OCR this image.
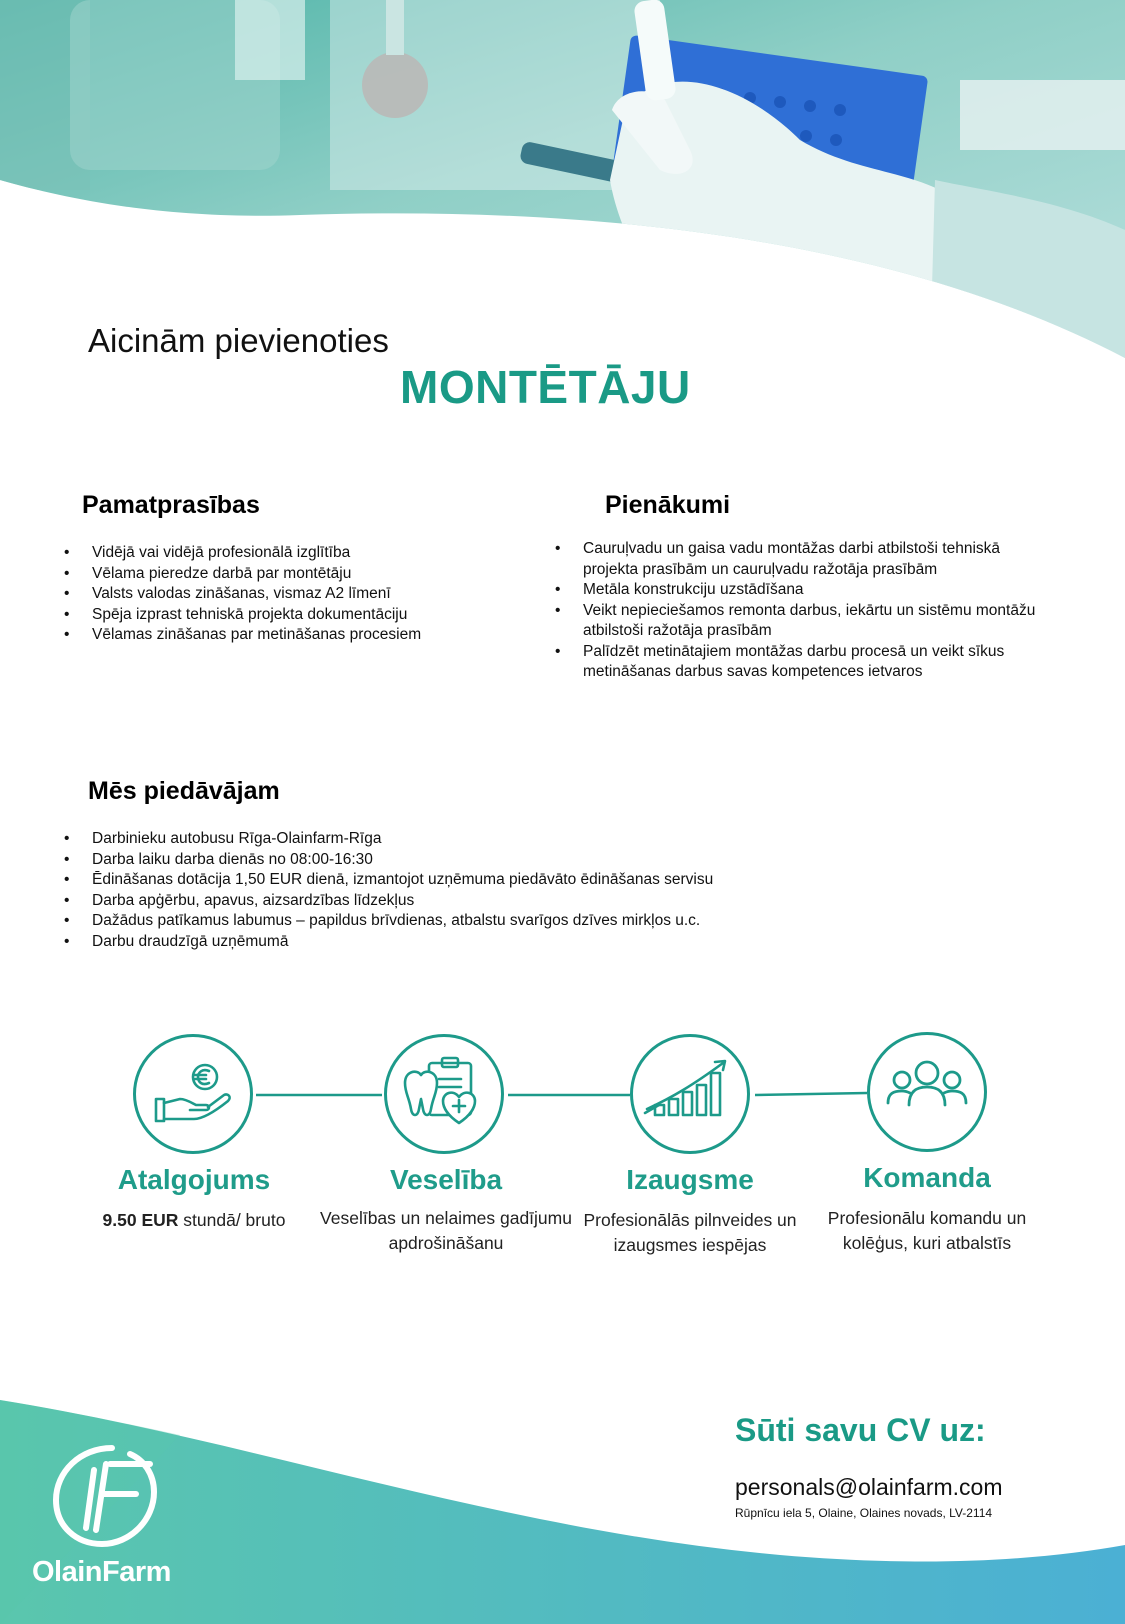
Aicinām pievienoties
MONTĒTĀJU
Pamatprasības
• Vidējā vai vidējā profesionālā izglītība
• Vēlama pieredze darbā par montētāju
• Valsts valodas zināšanas, vismaz A2 līmenī
• Spēja izprast tehniskā projekta dokumentāciju
• Vēlamas zināšanas par metināšanas procesiem
Pienākumi
• Cauruļvadu un gaisa vadu montāžas darbi atbilstoši tehniskā projekta prasībām un cauruļvadu ražotāja prasībām
• Metāla konstrukciju uzstādīšana
• Veikt nepieciešamos remonta darbus, iekārtu un sistēmu montāžu atbilstoši ražotāja prasībām
• Palīdzēt metinātajiem montāžas darbu procesā un veikt sīkus metināšanas darbus savas kompetences ietvaros
Mēs piedāvājam
• Darbinieku autobusu Rīga-Olainfarm-Rīga
• Darba laiku darba dienās no 08:00-16:30
• Ēdināšanas dotācija 1,50 EUR dienā, izmantojot uzņēmuma piedāvāto ēdināšanas servisu
• Darba apģērbu, apavus, aizsardzības līdzekļus
• Dažādus patīkamus labumus – papildus brīvdienas, atbalstu svarīgos dzīves mirkļos u.c.
• Darbu draudzīgā uzņēmumā
Atalgojums
9.50 EUR stundā/ bruto
Veselība
Veselības un nelaimes gadījumu apdrošināšanu
Izaugsme
Profesionālās pilnveides un izaugsmes iespējas
Komanda
Profesionālu komandu un kolēģus, kuri atbalstīs
OlainFarm
Sūti savu CV uz:
personals@olainfarm.com
Rūpnīcu iela 5, Olaine, Olaines novads, LV-2114
